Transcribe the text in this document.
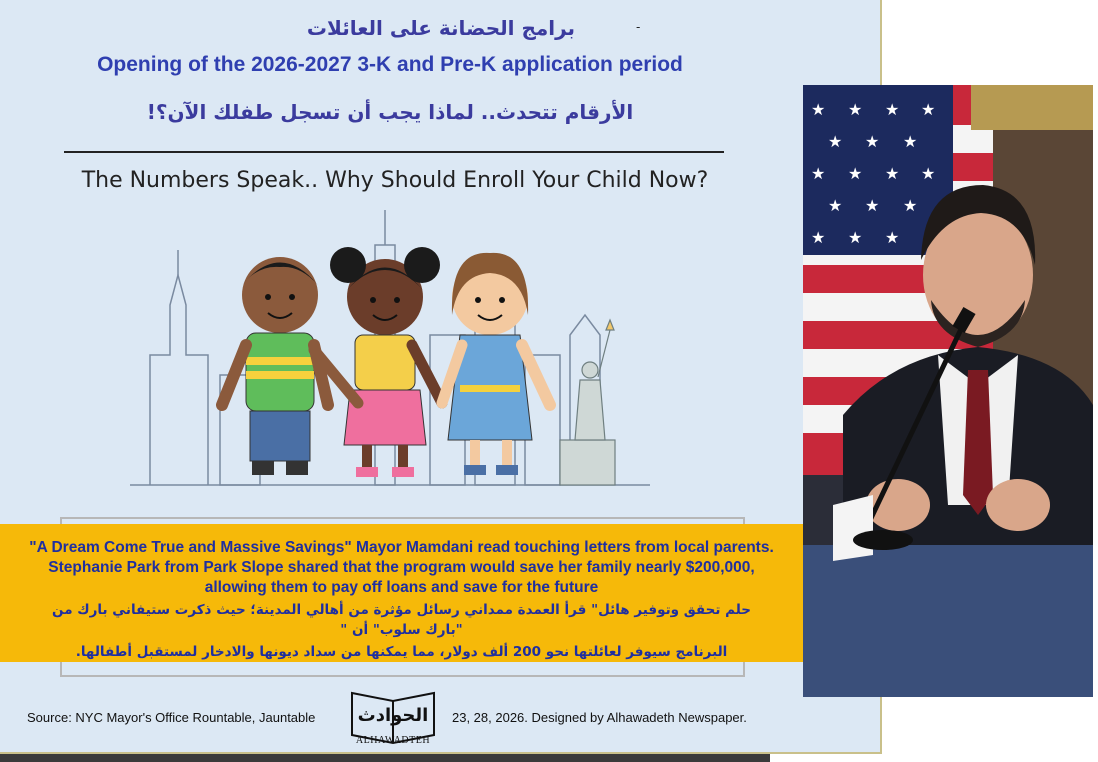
برامج الحضانة على العائلات	-
Opening of the 2026-2027 3-K and Pre-K application period
الأرقام تتحدث.. لماذا يجب أن تسجل طفلك الآن؟!
The Numbers Speak.. Why Should Enroll Your Child Now?
Source: NYC Mayor's Office Rountable, Jauntable الحوادث
ALHAWADTEH
23, 28, 2026. Designed by Alhawadeth Newspaper.
★ ★ ★ ★
★ ★ ★
★ ★ ★ ★
★ ★ ★
★ ★ ★
"A Dream Come True and Massive Savings" Mayor Mamdani read touching letters from local parents.
Stephanie Park from Park Slope shared that the program would save her family nearly $200,000,
allowing them to pay off loans and save for the future
حلم تحقق وتوفير هائل" قرأ العمدة ممداني رسائل مؤثرة من أهالي المدينة؛ حيث ذكرت ستيفاني بارك من "بارك سلوب" أن "
البرنامج سيوفر لعائلتها نحو 200 ألف دولار، مما يمكنها من سداد ديونها والادخار لمستقبل أطفالها.
